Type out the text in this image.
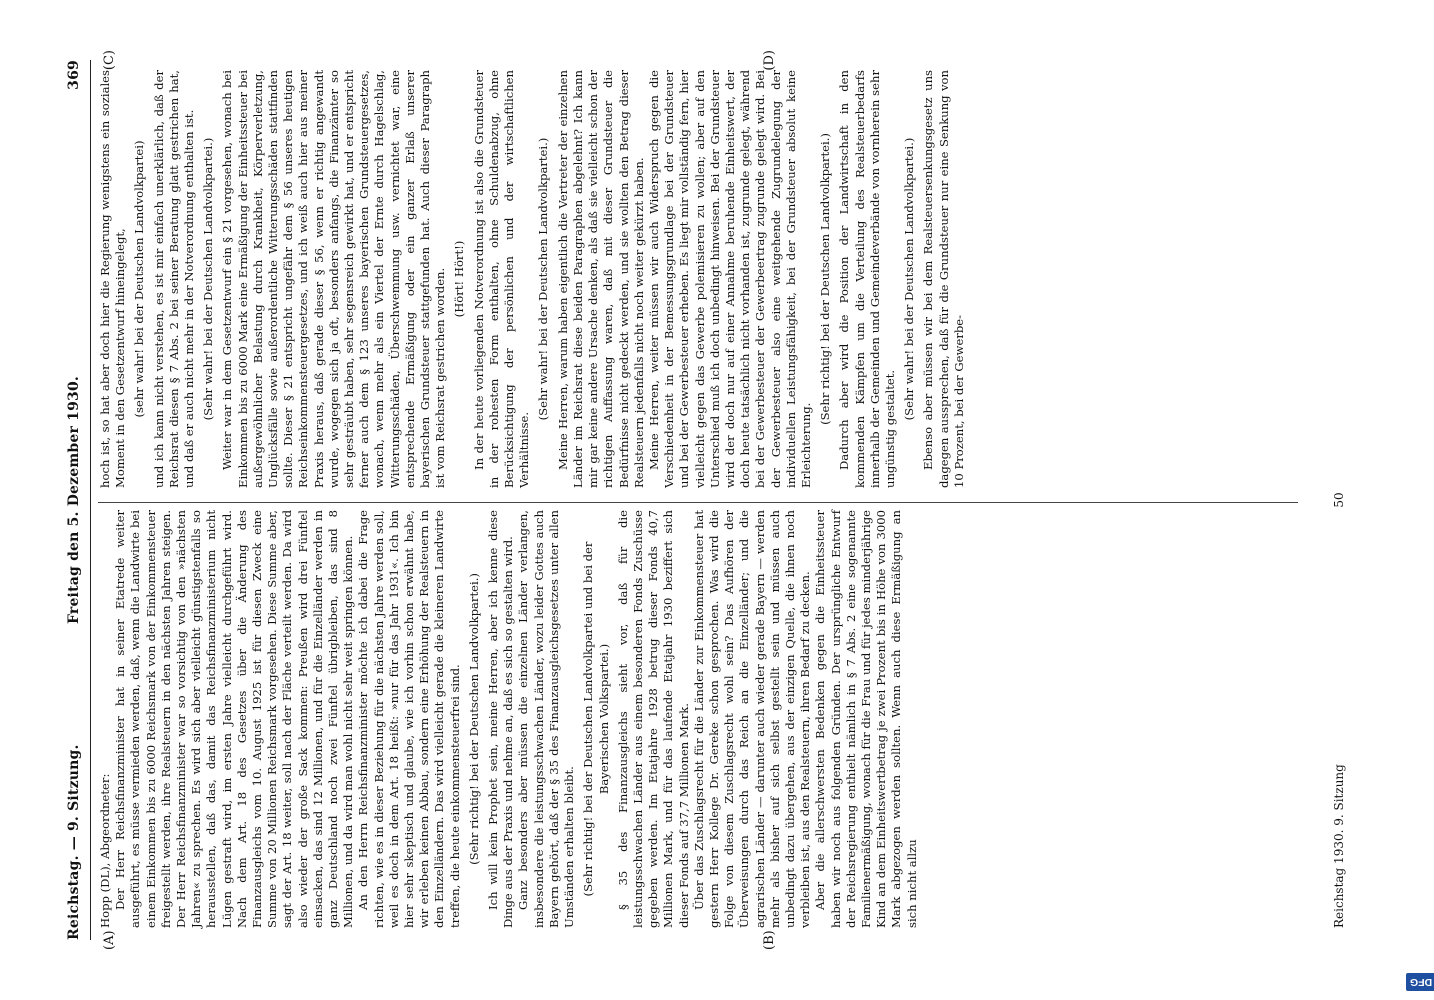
Reichstag. — 9. Sitzung.
Freitag den 5. Dezember 1930.
369
(A)	(B)
(C)	(D)

Hopp (DL), Abgeordneter: Der Herr Reichsfinanzminister hat in seiner Etatrede weiter ausgeführt, es müsse vermieden werden, daß, wenn die Landwirte bei einem Einkommen bis zu 6000 Reichsmark von der Einkommensteuer freigestellt werden, ihre Realsteuern in den nächsten Jahren steigen. Der Herr Reichsfinanzminister war so vorsichtig von den »nächsten Jahren« zu sprechen. Es wird sich aber vielleicht günstigstenfalls so herausstellen, daß das, damit das Reichsfinanzministerium nicht Lügen gestraft wird, im ersten Jahre vielleicht durchgeführt wird. Nach dem Art. 18 des Gesetzes über die Änderung des Finanzausgleichs vom 10. August 1925 ist für diesen Zweck eine Summe von 20 Millionen Reichsmark vorgesehen. Diese Summe aber, sagt der Art. 18 weiter, soll nach der Fläche verteilt werden. Da wird also wieder der große Sack kommen: Preußen wird drei Fünftel einsacken, das sind 12 Millionen, und für die Einzelländer werden in ganz Deutschland noch zwei Fünftel übrigbleiben, das sind 8 Millionen, und da wird man wohl nicht sehr weit springen können. An den Herrn Reichsfinanzminister möchte ich dabei die Frage richten, wie es in dieser Beziehung für die nächsten Jahre werden soll, weil es doch in dem Art. 18 heißt: »nur für das Jahr 1931«. Ich bin hier sehr skeptisch und glaube, wie ich vorhin schon erwähnt habe, wir erleben keinen Abbau, sondern eine Erhöhung der Realsteuern in den Einzelländern. Das wird vielleicht gerade die kleineren Landwirte treffen, die heute einkommensteuerfrei sind. (Sehr richtig! bei der Deutschen Landvolkpartei.) Ich will kein Prophet sein, meine Herren, aber ich kenne diese Dinge aus der Praxis und nehme an, daß es sich so gestalten wird. Ganz besonders aber müssen die einzelnen Länder verlangen, insbesondere die leistungsschwachen Länder, wozu leider Gottes auch Bayern gehört, daß der § 35 des Finanzausgleichsgesetzes unter allen Umständen erhalten bleibt. (Sehr richtig! bei der Deutschen Landvolkpartei und bei der Bayerischen Volkspartei.) § 35 des Finanzausgleichs sieht vor, daß für die leistungsschwachen Länder aus einem besonderen Fonds Zuschüsse gegeben werden. Im Etatjahre 1928 betrug dieser Fonds 40,7 Millionen Mark, und für das laufende Etatjahr 1930 beziffert sich dieser Fonds auf 37,7 Millionen Mark. Über das Zuschlagsrecht für die Länder zur Einkommensteuer hat gestern Herr Kollege Dr. Gereke schon gesprochen. Was wird die Folge von diesem Zuschlagsrecht wohl sein? Das Aufhören der Überweisungen durch das Reich an die Einzelländer; und die agrarischen Länder — darunter auch wieder gerade Bayern — werden mehr als bisher auf sich selbst gestellt sein und müssen auch unbedingt dazu übergehen, aus der einzigen Quelle, die ihnen noch verbleiben ist, aus den Realsteuern, ihren Bedarf zu decken. Aber die allerschwersten Bedenken gegen die Einheitssteuer haben wir noch aus folgenden Gründen. Der ursprüngliche Entwurf der Reichsregierung enthielt nämlich in § 7 Abs. 2 eine sogenannte Familienermäßigung, wonach für die Frau und für jedes minderjährige Kind an dem Einheitswertbetrag je zwei Prozent bis in Höhe von 3000 Mark abgezogen werden sollten. Wenn auch diese Ermäßigung an sich nicht allzu

hoch ist, so hat aber doch hier die Regierung wenigstens ein soziales Moment in den Gesetzentwurf hineingelegt, (sehr wahr! bei der Deutschen Landvolkpartei) und ich kann nicht verstehen, es ist mir einfach unerklärlich, daß der Reichsrat diesen § 7 Abs. 2 bei seiner Beratung glatt gestrichen hat, und daß er auch nicht mehr in der Notverordnung enthalten ist. (Sehr wahr! bei der Deutschen Landvolkpartei.) Weiter war in dem Gesetzentwurf ein § 21 vorgesehen, wonach bei Einkommen bis zu 6000 Mark eine Ermäßigung der Einheitssteuer bei außergewöhnlicher Belastung durch Krankheit, Körperverletzung, Unglücksfälle sowie außerordentliche Witterungsschäden stattfinden sollte. Dieser § 21 entspricht ungefähr dem § 56 unseres heutigen Reichseinkommensteuergesetzes, und ich weiß auch hier aus meiner Praxis heraus, daß gerade dieser § 56, wenn er richtig angewandt wurde, wogegen sich ja oft, besonders anfangs, die Finanzämter so sehr gesträubt haben, sehr segensreich gewirkt hat, und er entspricht ferner auch dem § 123 unseres bayerischen Grundsteuergesetzes, wonach, wenn mehr als ein Viertel der Ernte durch Hagelschlag, Witterungsschäden, Überschwemmung usw. vernichtet war, eine entsprechende Ermäßigung oder ein ganzer Erlaß unserer bayerischen Grundsteuer stattgefunden hat. Auch dieser Paragraph ist vom Reichsrat gestrichen worden. (Hört! Hört!) In der heute vorliegenden Notverordnung ist also die Grundsteuer in der rohesten Form enthalten, ohne Schuldenabzug, ohne Berücksichtigung der persönlichen und der wirtschaftlichen Verhältnisse.

(Sehr wahr! bei der Deutschen Landvolkpartei.) Meine Herren, warum haben eigentlich die Vertreter der einzelnen Länder im Reichsrat diese beiden Paragraphen abgelehnt? Ich kann mir gar keine andere Ursache denken, als daß sie vielleicht schon der richtigen Auffassung waren, daß mit dieser Grundsteuer die Bedürfnisse nicht gedeckt werden, und sie wollten den Betrag dieser Realsteuern jedenfalls nicht noch weiter gekürzt haben. Meine Herren, weiter müssen wir auch Widerspruch gegen die Verschiedenheit in der Bemessungsgrundlage bei der Grundsteuer und bei der Gewerbesteuer erheben. Es liegt mir vollständig fern, hier vielleicht gegen das Gewerbe polemisieren zu wollen; aber auf den Unterschied muß ich doch unbedingt hinweisen. Bei der Grundsteuer wird der doch nur auf einer Annahme beruhende Einheitswert, der doch heute tatsächlich nicht vorhanden ist, zugrunde gelegt, während bei der Gewerbesteuer der Gewerbeertrag zugrunde gelegt wird. Bei der Gewerbesteuer also eine weitgehende Zugrundelegung der individuellen Leistungsfähigkeit, bei der Grundsteuer absolut keine Erleichterung.

(Sehr richtig! bei der Deutschen Landvolkpartei.) Dadurch aber wird die Position der Landwirtschaft in den kommenden Kämpfen um die Verteilung des Realsteuerbedarfs innerhalb der Gemeinden und Gemeindeverbände von vornherein sehr ungünstig gestaltet.

(Sehr wahr! bei der Deutschen Landvolkpartei.) Ebenso aber müssen wir bei dem Realsteuersenkungsgesetz uns dagegen aussprechen, daß für die Grundsteuer nur eine Senkung von 10 Prozent, bei der Gewerbe-

Reichstag 1930. 9. Sitzung
50
DFG
